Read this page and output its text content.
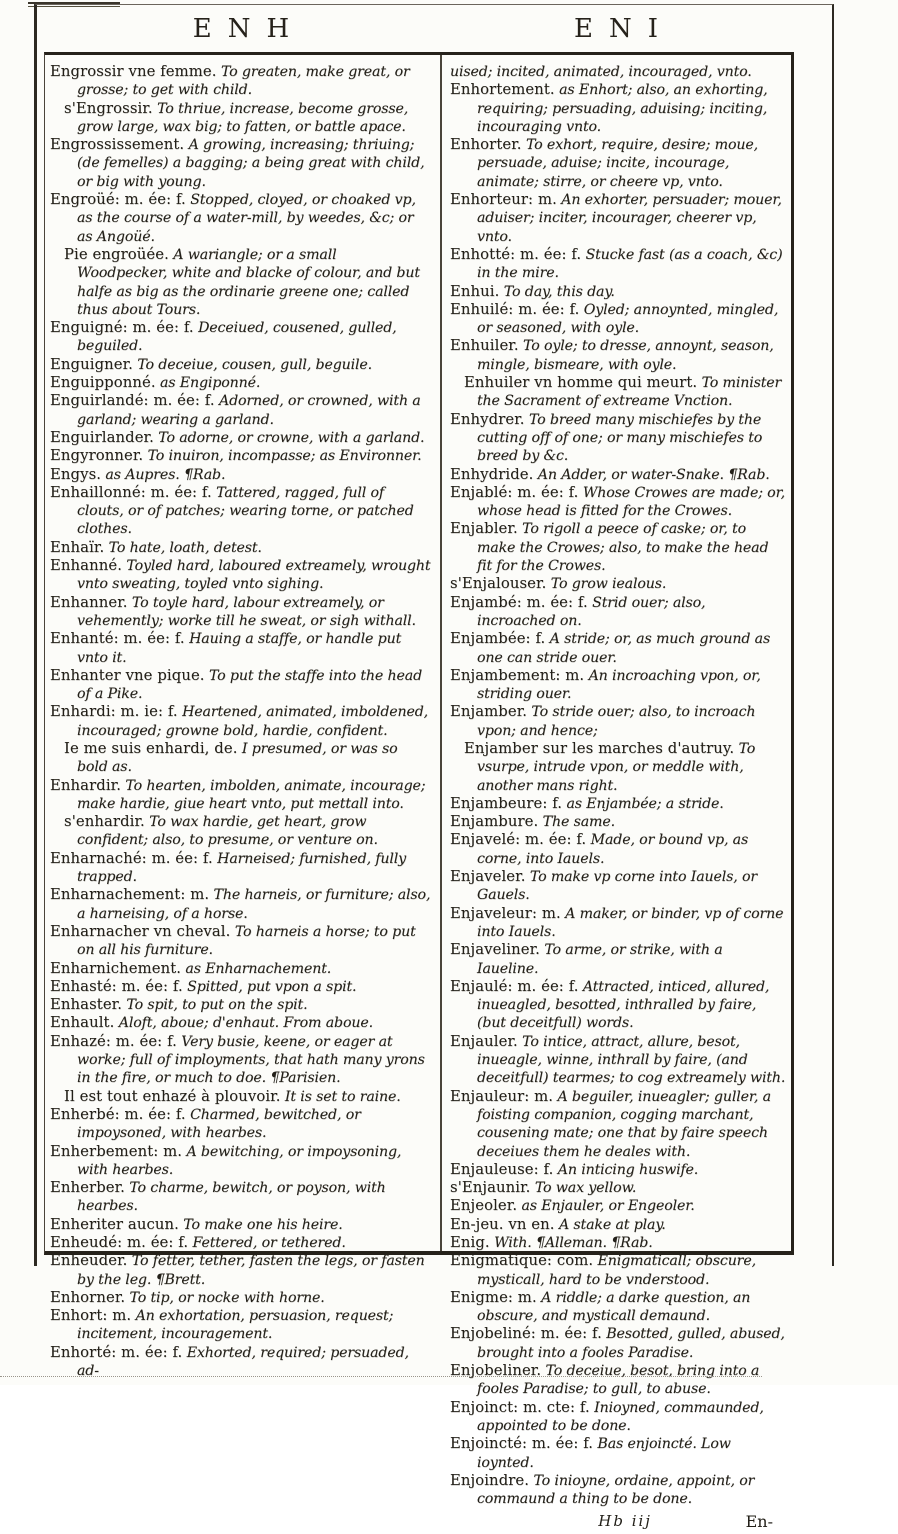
ENH	ENI

Engrossir vne femme. To greaten, make great, or grosse; to get with child.

s'Engrossir. To thriue, increase, become grosse, grow large, wax big; to fatten, or battle apace.

Engrossissement. A growing, increasing; thriuing; (de femelles) a bagging; a being great with child, or big with young.

Engroüé: m. ée: f. Stopped, cloyed, or choaked vp, as the course of a water-mill, by weedes, &c; or as Angoüé.

Pie engroüée. A wariangle; or a small Woodpecker, white and blacke of colour, and but halfe as big as the ordinarie greene one; called thus about Tours.

Enguigné: m. ée: f. Deceiued, cousened, gulled, beguiled.

Enguigner. To deceiue, cousen, gull, beguile.

Enguipponné. as Engiponné.

Enguirlandé: m. ée: f. Adorned, or crowned, with a garland; wearing a garland.

Enguirlander. To adorne, or crowne, with a garland.

Engyronner. To inuiron, incompasse; as Environner.

Engys. as Aupres. ¶Rab.

Enhaillonné: m. ée: f. Tattered, ragged, full of clouts, or of patches; wearing torne, or patched clothes.

Enhaïr. To hate, loath, detest.

Enhanné. Toyled hard, laboured extreamely, wrought vnto sweating, toyled vnto sighing.

Enhanner. To toyle hard, labour extreamely, or vehemently; worke till he sweat, or sigh withall.

Enhanté: m. ée: f. Hauing a staffe, or handle put vnto it.

Enhanter vne pique. To put the staffe into the head of a Pike.

Enhardi: m. ie: f. Heartened, animated, imboldened, incouraged; growne bold, hardie, confident.

Ie me suis enhardi, de. I presumed, or was so bold as.

Enhardir. To hearten, imbolden, animate, incourage; make hardie, giue heart vnto, put mettall into.

s'enhardir. To wax hardie, get heart, grow confident; also, to presume, or venture on.

Enharnaché: m. ée: f. Harneised; furnished, fully trapped.

Enharnachement: m. The harneis, or furniture; also, a harneising, of a horse.

Enharnacher vn cheval. To harneis a horse; to put on all his furniture.

Enharnichement. as Enharnachement.

Enhasté: m. ée: f. Spitted, put vpon a spit.

Enhaster. To spit, to put on the spit.

Enhault. Aloft, aboue; d'enhaut. From aboue.

Enhazé: m. ée: f. Very busie, keene, or eager at worke; full of imployments, that hath many yrons in the fire, or much to doe. ¶Parisien.

Il est tout enhazé à plouvoir. It is set to raine.

Enherbé: m. ée: f. Charmed, bewitched, or impoysoned, with hearbes.

Enherbement: m. A bewitching, or impoysoning, with hearbes.

Enherber. To charme, bewitch, or poyson, with hearbes.

Enheriter aucun. To make one his heire.

Enheudé: m. ée: f. Fettered, or tethered.

Enheuder. To fetter, tether, fasten the legs, or fasten by the leg. ¶Brett.

Enhorner. To tip, or nocke with horne.

Enhort: m. An exhortation, persuasion, request; incitement, incouragement.

Enhorté: m. ée: f. Exhorted, required; persuaded, ad-

uised; incited, animated, incouraged, vnto.

Enhortement. as Enhort; also, an exhorting, requiring; persuading, aduising; inciting, incouraging vnto.

Enhorter. To exhort, require, desire; moue, persuade, aduise; incite, incourage, animate; stirre, or cheere vp, vnto.

Enhorteur: m. An exhorter, persuader; mouer, aduiser; inciter, incourager, cheerer vp, vnto.

Enhotté: m. ée: f. Stucke fast (as a coach, &c) in the mire.

Enhui. To day, this day.

Enhuilé: m. ée: f. Oyled; annoynted, mingled, or seasoned, with oyle.

Enhuiler. To oyle; to dresse, annoynt, season, mingle, bismeare, with oyle.

Enhuiler vn homme qui meurt. To minister the Sacrament of extreame Vnction.

Enhydrer. To breed many mischiefes by the cutting off of one; or many mischiefes to breed by &c.

Enhydride. An Adder, or water-Snake. ¶Rab.

Enjablé: m. ée: f. Whose Crowes are made; or, whose head is fitted for the Crowes.

Enjabler. To rigoll a peece of caske; or, to make the Crowes; also, to make the head fit for the Crowes.

s'Enjalouser. To grow iealous.

Enjambé: m. ée: f. Strid ouer; also, incroached on.

Enjambée: f. A stride; or, as much ground as one can stride ouer.

Enjambement: m. An incroaching vpon, or, striding ouer.

Enjamber. To stride ouer; also, to incroach vpon; and hence;

Enjamber sur les marches d'autruy. To vsurpe, intrude vpon, or meddle with, another mans right.

Enjambeure: f. as Enjambée; a stride.

Enjambure. The same.

Enjavelé: m. ée: f. Made, or bound vp, as corne, into Iauels.

Enjaveler. To make vp corne into Iauels, or Gauels.

Enjaveleur: m. A maker, or binder, vp of corne into Iauels.

Enjaveliner. To arme, or strike, with a Iaueline.

Enjaulé: m. ée: f. Attracted, inticed, allured, inueagled, besotted, inthralled by faire, (but deceitfull) words.

Enjauler. To intice, attract, allure, besot, inueagle, winne, inthrall by faire, (and deceitfull) tearmes; to cog extreamely with.

Enjauleur: m. A beguiler, inueagler; guller, a foisting companion, cogging marchant, cousening mate; one that by faire speech deceiues them he deales with.

Enjauleuse: f. An inticing huswife.

s'Enjaunir. To wax yellow.

Enjeoler. as Enjauler, or Engeoler.

En-jeu. vn en. A stake at play.

Enig. With. ¶Alleman. ¶Rab.

Enigmatique: com. Enigmaticall; obscure, mysticall, hard to be vnderstood.

Enigme: m. A riddle; a darke question, an obscure, and mysticall demaund.

Enjobeliné: m. ée: f. Besotted, gulled, abused, brought into a fooles Paradise.

Enjobeliner. To deceiue, besot, bring into a fooles Paradise; to gull, to abuse.

Enjoinct: m. cte: f. Inioyned, commaunded, appointed to be done.

Enjoincté: m. ée: f. Bas enjoincté. Low ioynted.

Enjoindre. To inioyne, ordaine, appoint, or commaund a thing to be done.

Hb iij	En-
